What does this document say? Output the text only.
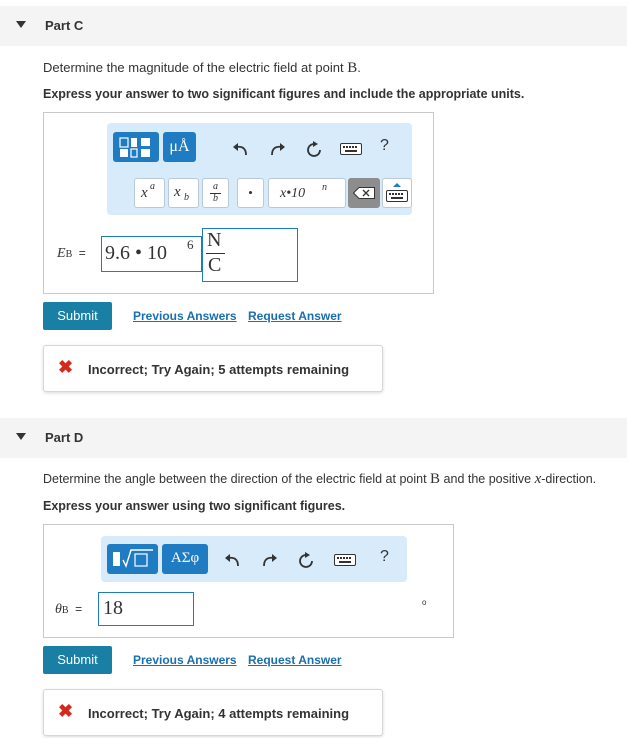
Part C
Determine the magnitude of the electric field at point B.
Express your answer to two significant figures and include the appropriate units.
μÅ	?
x a x b
a
b	•	x•10 n
EB = 9.6 • 10 6 N
C
Submit	Previous Answers Request Answer
✖ Incorrect; Try Again; 5 attempts remaining
Part D
Determine the angle between the direction of the electric field at point B and the positive x-direction.
Express your answer using two significant figures.
ΑΣφ	?
θB = 18	o
Submit	Previous Answers Request Answer
✖ Incorrect; Try Again; 4 attempts remaining
